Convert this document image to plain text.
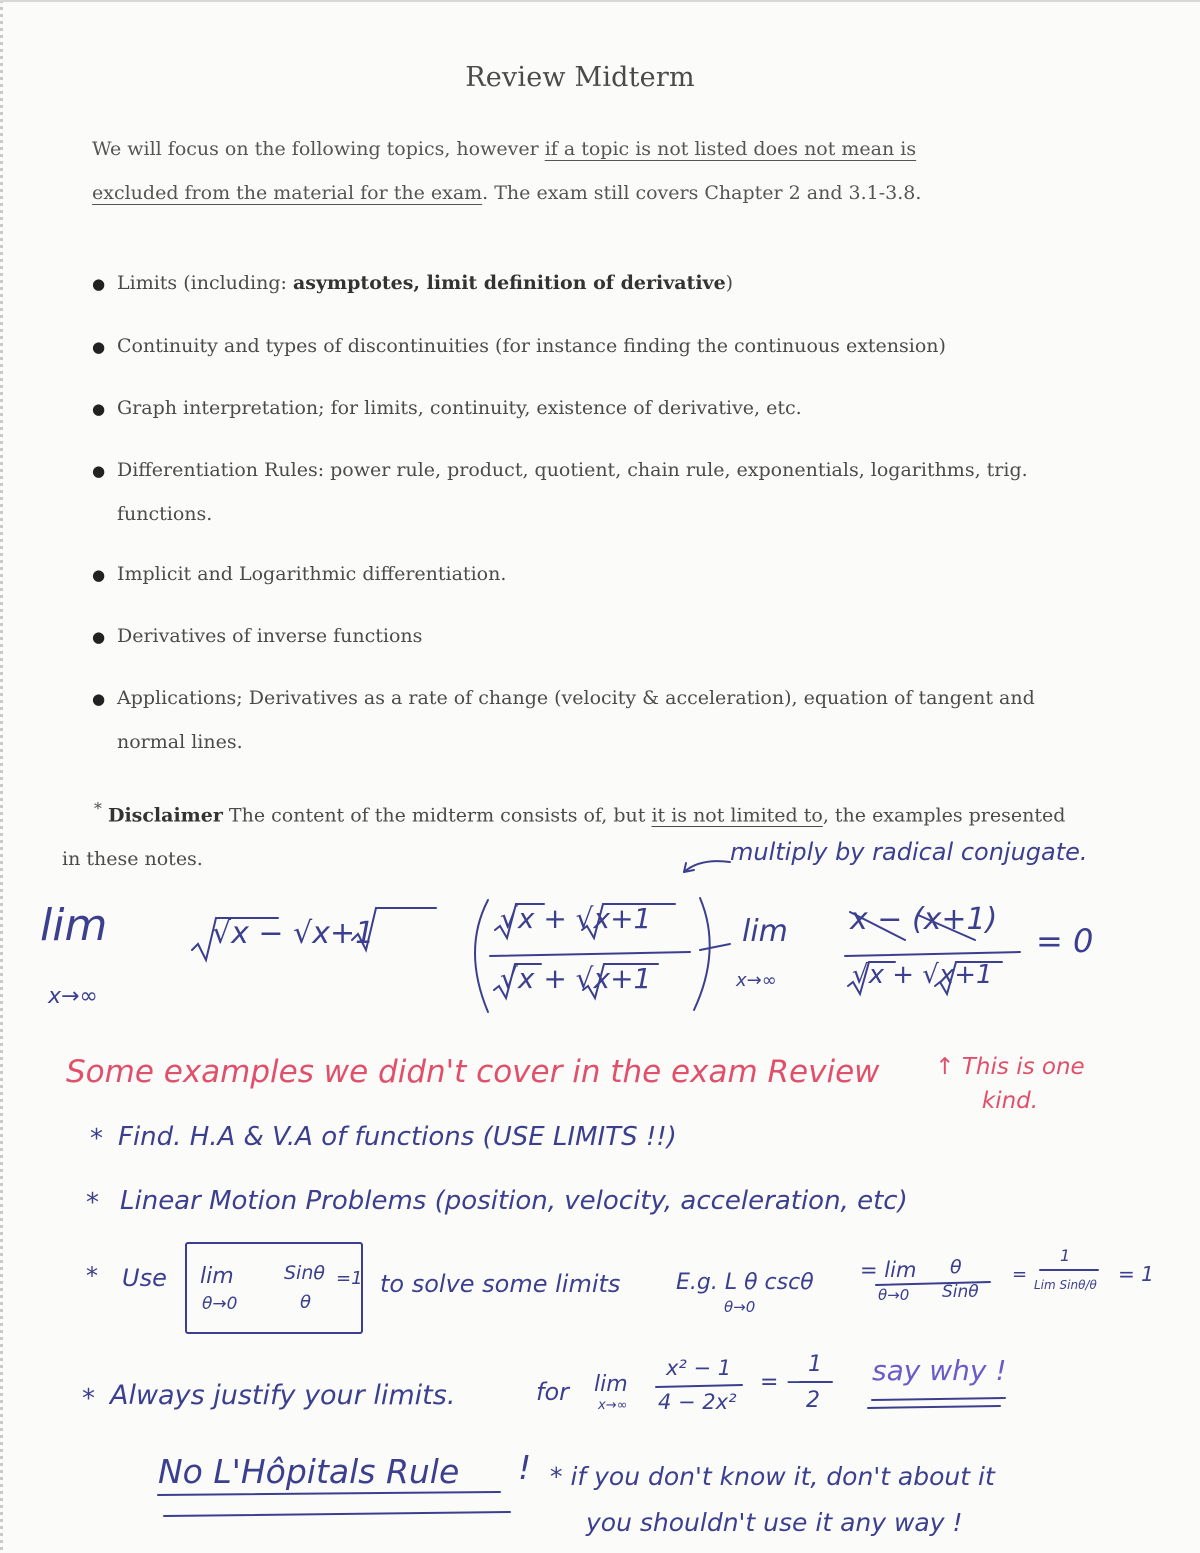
Review Midterm
We will focus on the following topics, however if a topic is not listed does not mean is
excluded from the material for the exam. The exam still covers Chapter 2 and 3.1-3.8.
● Limits (including: asymptotes, limit definition of derivative)
● Continuity and types of discontinuities (for instance finding the continuous extension)
● Graph interpretation; for limits, continuity, existence of derivative, etc.
● Differentiation Rules: power rule, product, quotient, chain rule, exponentials, logarithms, trig.
functions.
● Implicit and Logarithmic differentiation.
● Derivatives of inverse functions
● Applications; Derivatives as a rate of change (velocity & acceleration), equation of tangent and
normal lines.
* Disclaimer The content of the midterm consists of, but it is not limited to, the examples presented
in these notes.	multiply by radical conjugate.
lim
x→∞
√x − √x+1	√x + √x+1
√x + √x+1
lim
x→∞
x − (x+1)
√x + √x+1
= 0
Some examples we didn't cover in the exam Review	↑ This is one kind.
* Find. H.A & V.A of functions (USE LIMITS !!)
* Linear Motion Problems (position, velocity, acceleration, etc)
* Use lim
θ→0
Sinθ
θ
=1 to solve some limits	E.g. L θ cscθ
θ→0
= lim
θ→0
θ
Sinθ
=
1
Lim Sinθ/θ = 1
* Always justify your limits.	for lim
x→∞
x² − 1
4 − 2x²
= −
1
2
say why !
No L'Hôpitals Rule ! * if you don't know it, don't about it
you shouldn't use it any way !
